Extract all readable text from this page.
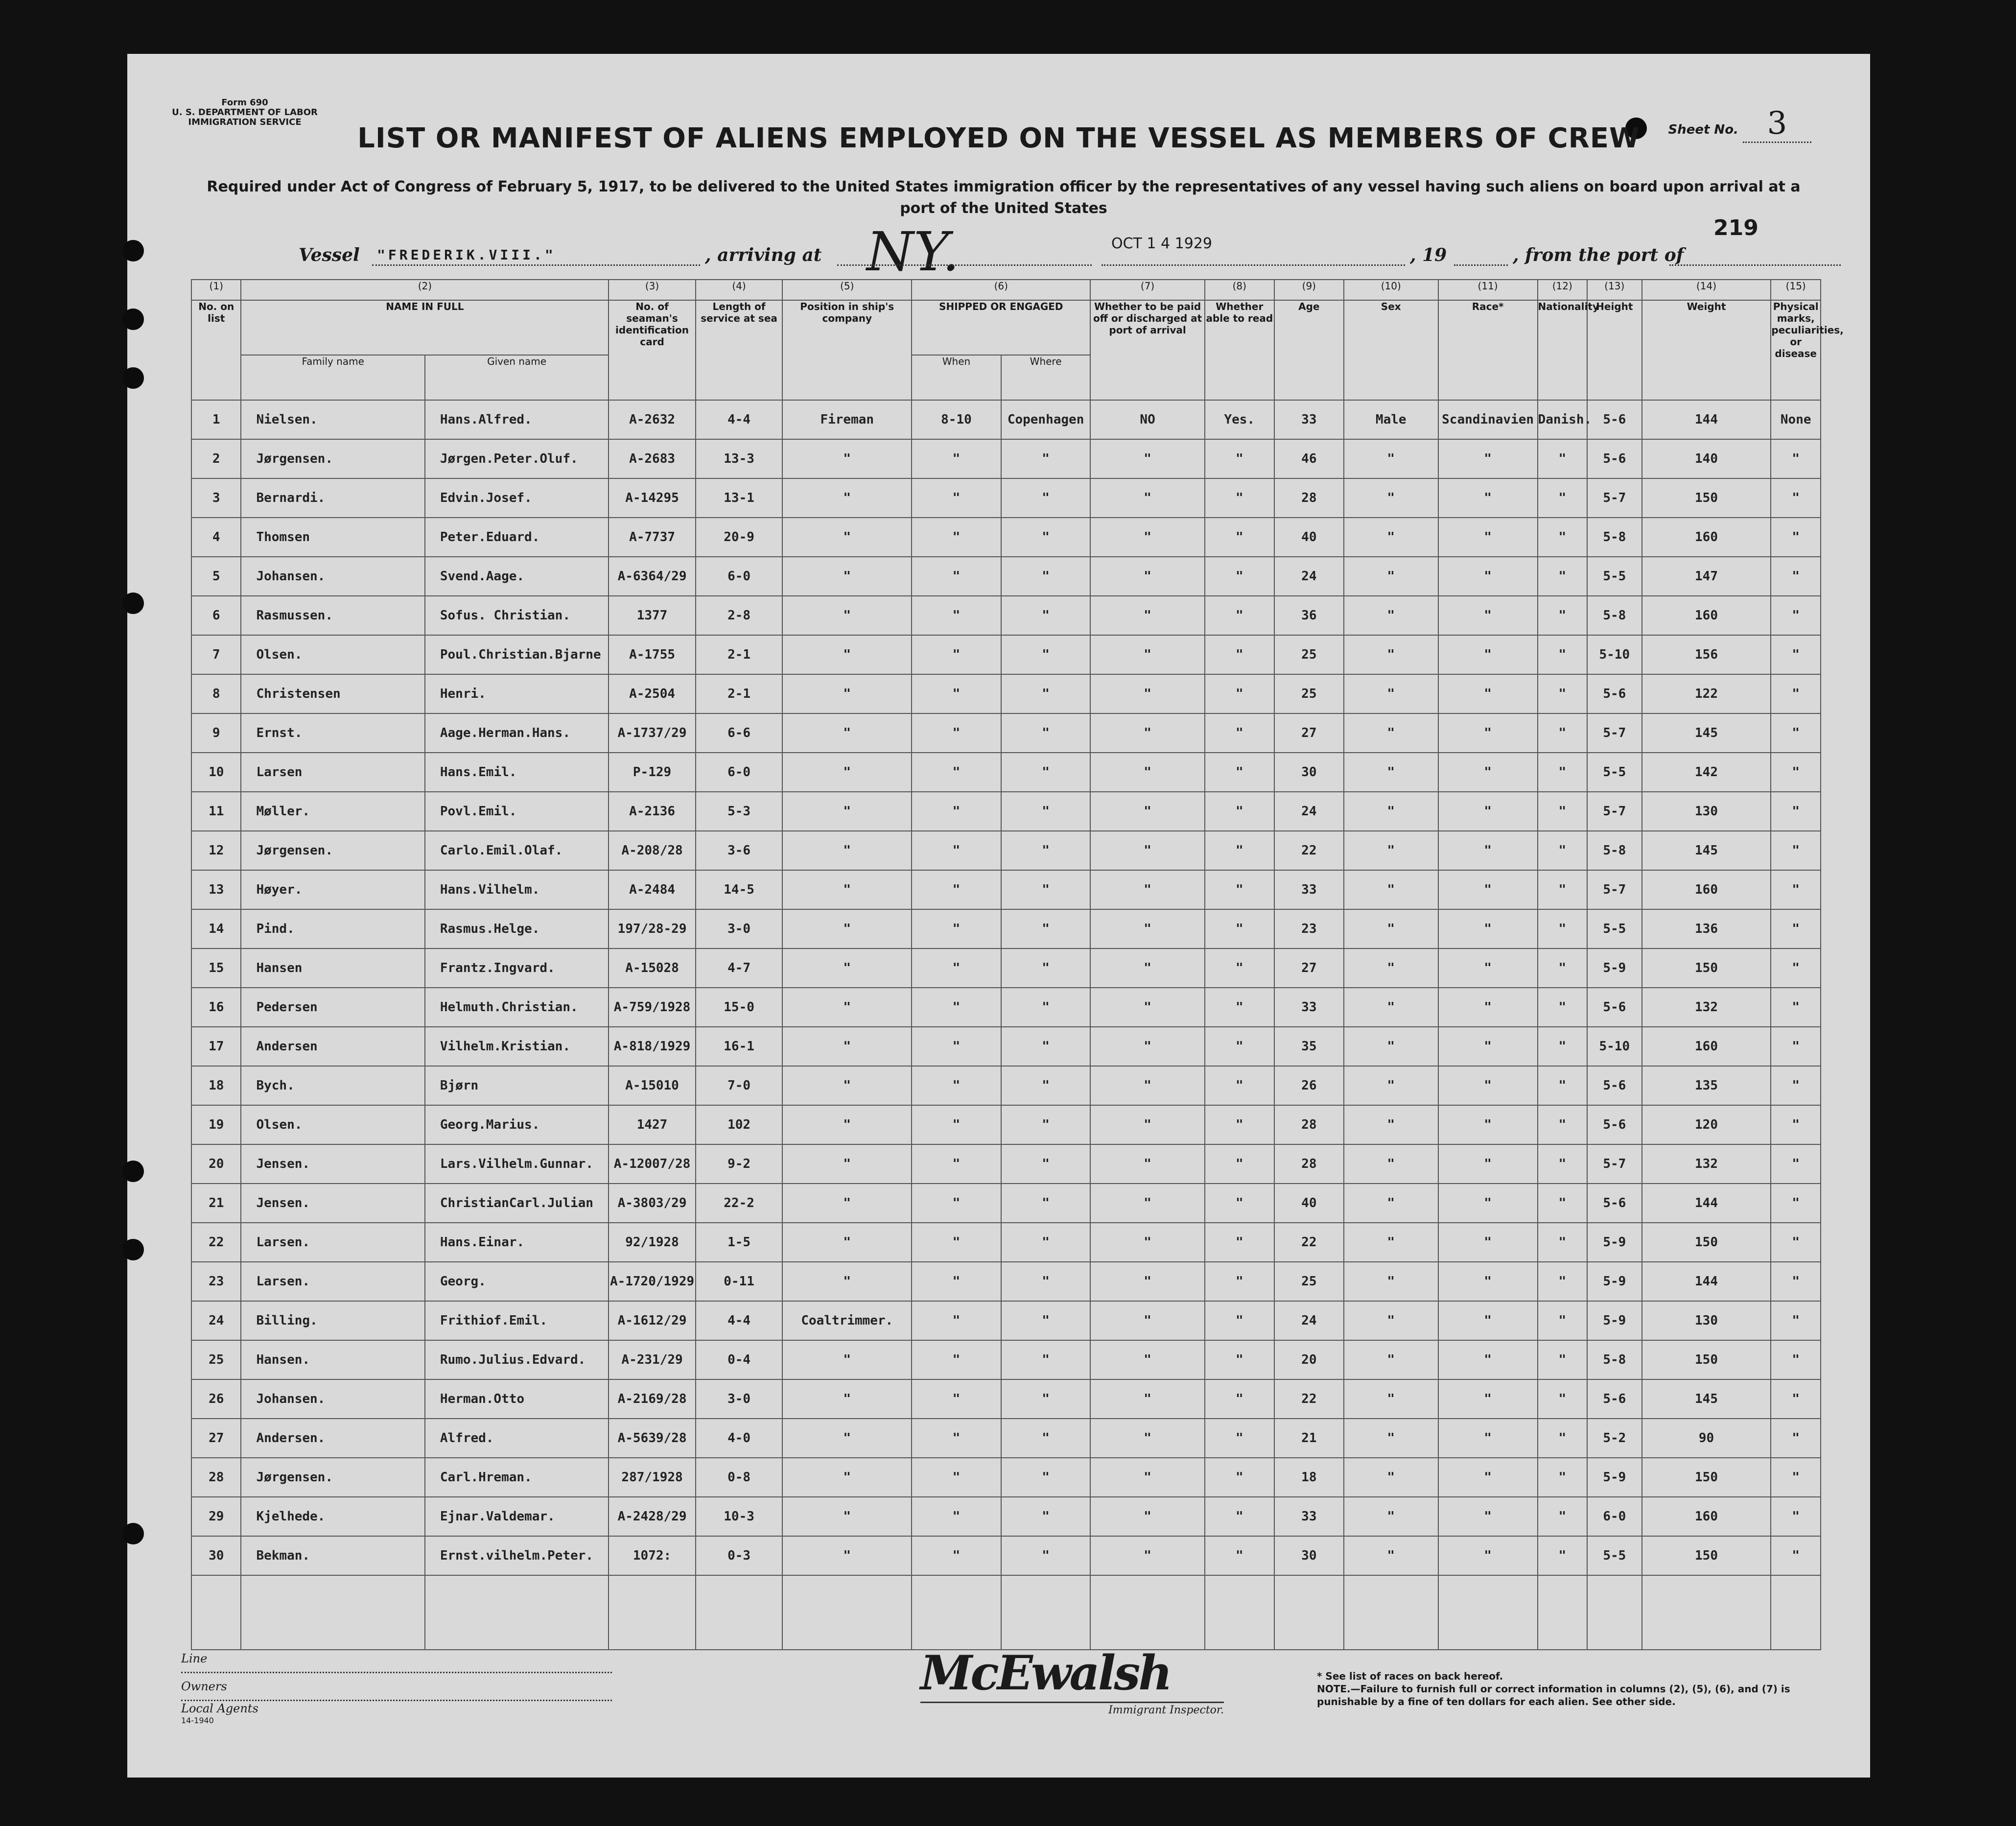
Form 690
U. S. DEPARTMENT OF LABOR
IMMIGRATION SERVICE
Sheet No. 3
LIST OR MANIFEST OF ALIENS EMPLOYED ON THE VESSEL AS MEMBERS OF CREW
Required under Act of Congress of February 5, 1917, to be delivered to the United States immigration officer by the representatives of any vessel having such aliens on board upon arrival at a port of the United States
Vessel "FREDERIK.VIII."	, arriving at NY.	OCT 1 4 1929
, 19	, from the port of
219
(1)	(2)		(3)	(4)	(5)	(6)		(7)	(8)	(9)	(10)	(11)	(12)	(13)	(14)	(15)
No. on list	NAME IN FULL		No. of seaman's identification card	Length of service at sea	Position in ship's company	SHIPPED OR ENGAGED		Whether to be paid off or discharged at port of arrival	Whether able to read	Age	Sex	Race*	Nationality	Height	Weight	Physical marks, peculiarities, or disease
	Family name	Given name				When	Where									
1	Nielsen.	Hans.Alfred.	A-2632	4-4	Fireman	8-10	Copenhagen	NO	Yes.	33	Male	Scandinavien	Danish.	5-6	144	None
2	Jørgensen.	Jørgen.Peter.Oluf.	A-2683	13-3	"	"	"	"	"	46	"	"	"	5-6	140	"
3	Bernardi.	Edvin.Josef.	A-14295	13-1	"	"	"	"	"	28	"	"	"	5-7	150	"
4	Thomsen	Peter.Eduard.	A-7737	20-9	"	"	"	"	"	40	"	"	"	5-8	160	"
5	Johansen.	Svend.Aage.	A-6364/29	6-0	"	"	"	"	"	24	"	"	"	5-5	147	"
6	Rasmussen.	Sofus. Christian.	1377	2-8	"	"	"	"	"	36	"	"	"	5-8	160	"
7	Olsen.	Poul.Christian.Bjarne	A-1755	2-1	"	"	"	"	"	25	"	"	"	5-10	156	"
8	Christensen	Henri.	A-2504	2-1	"	"	"	"	"	25	"	"	"	5-6	122	"
9	Ernst.	Aage.Herman.Hans.	A-1737/29	6-6	"	"	"	"	"	27	"	"	"	5-7	145	"
10	Larsen	Hans.Emil.	P-129	6-0	"	"	"	"	"	30	"	"	"	5-5	142	"
11	Møller.	Povl.Emil.	A-2136	5-3	"	"	"	"	"	24	"	"	"	5-7	130	"
12	Jørgensen.	Carlo.Emil.Olaf.	A-208/28	3-6	"	"	"	"	"	22	"	"	"	5-8	145	"
13	Høyer.	Hans.Vilhelm.	A-2484	14-5	"	"	"	"	"	33	"	"	"	5-7	160	"
14	Pind.	Rasmus.Helge.	197/28-29	3-0	"	"	"	"	"	23	"	"	"	5-5	136	"
15	Hansen	Frantz.Ingvard.	A-15028	4-7	"	"	"	"	"	27	"	"	"	5-9	150	"
16	Pedersen	Helmuth.Christian.	A-759/1928	15-0	"	"	"	"	"	33	"	"	"	5-6	132	"
17	Andersen	Vilhelm.Kristian.	A-818/1929	16-1	"	"	"	"	"	35	"	"	"	5-10	160	"
18	Bych.	Bjørn	A-15010	7-0	"	"	"	"	"	26	"	"	"	5-6	135	"
19	Olsen.	Georg.Marius.	1427	102	"	"	"	"	"	28	"	"	"	5-6	120	"
20	Jensen.	Lars.Vilhelm.Gunnar.	A-12007/28	9-2	"	"	"	"	"	28	"	"	"	5-7	132	"
21	Jensen.	ChristianCarl.Julian	A-3803/29	22-2	"	"	"	"	"	40	"	"	"	5-6	144	"
22	Larsen.	Hans.Einar.	92/1928	1-5	"	"	"	"	"	22	"	"	"	5-9	150	"
23	Larsen.	Georg.	A-1720/1929	0-11	"	"	"	"	"	25	"	"	"	5-9	144	"
24	Billing.	Frithiof.Emil.	A-1612/29	4-4	Coaltrimmer.	"	"	"	"	24	"	"	"	5-9	130	"
25	Hansen.	Rumo.Julius.Edvard.	A-231/29	0-4	"	"	"	"	"	20	"	"	"	5-8	150	"
26	Johansen.	Herman.Otto	A-2169/28	3-0	"	"	"	"	"	22	"	"	"	5-6	145	"
27	Andersen.	Alfred.	A-5639/28	4-0	"	"	"	"	"	21	"	"	"	5-2	90	"
28	Jørgensen.	Carl.Hreman.	287/1928	0-8	"	"	"	"	"	18	"	"	"	5-9	150	"
29	Kjelhede.	Ejnar.Valdemar.	A-2428/29	10-3	"	"	"	"	"	33	"	"	"	6-0	160	"
30	Bekman.	Ernst.vilhelm.Peter.	1072:	0-3	"	"	"	"	"	30	"	"	"	5-5	150	"

Line
Owners
Local Agents
14-1940
McEwalsh
Immigrant Inspector.
* See list of races on back hereof.
NOTE.—Failure to furnish full or correct information in columns (2), (5), (6), and (7) is punishable by a fine of ten dollars for each alien. See other side.
